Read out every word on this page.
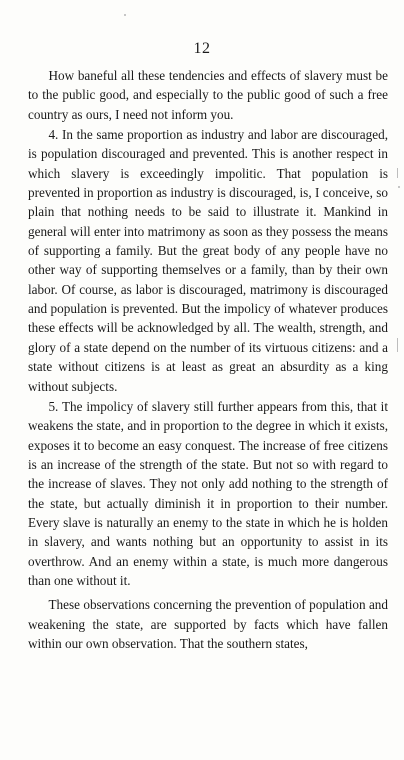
12

How baneful all these tendencies and effects of slavery must be to the public good, and especially to the public good of such a free country as ours, I need not inform you.

4. In the same proportion as industry and labor are discouraged, is population discouraged and prevented. This is another respect in which slavery is exceedingly impolitic. That population is prevented in proportion as industry is discouraged, is, I conceive, so plain that nothing needs to be said to illustrate it. Mankind in general will enter into matrimony as soon as they possess the means of supporting a family. But the great body of any people have no other way of supporting themselves or a family, than by their own labor. Of course, as labor is discouraged, matrimony is discouraged and population is prevented. But the impolicy of whatever produces these effects will be acknowledged by all. The wealth, strength, and glory of a state depend on the number of its virtuous citizens: and a state without citizens is at least as great an absurdity as a king without subjects.

5. The impolicy of slavery still further appears from this, that it weakens the state, and in proportion to the degree in which it exists, exposes it to become an easy conquest. The increase of free citizens is an increase of the strength of the state. But not so with regard to the increase of slaves. They not only add nothing to the strength of the state, but actually diminish it in proportion to their number. Every slave is naturally an enemy to the state in which he is holden in slavery, and wants nothing but an opportunity to assist in its overthrow. And an enemy within a state, is much more dangerous than one without it.

These observations concerning the prevention of population and weakening the state, are supported by facts which have fallen within our own observation. That the southern states,
